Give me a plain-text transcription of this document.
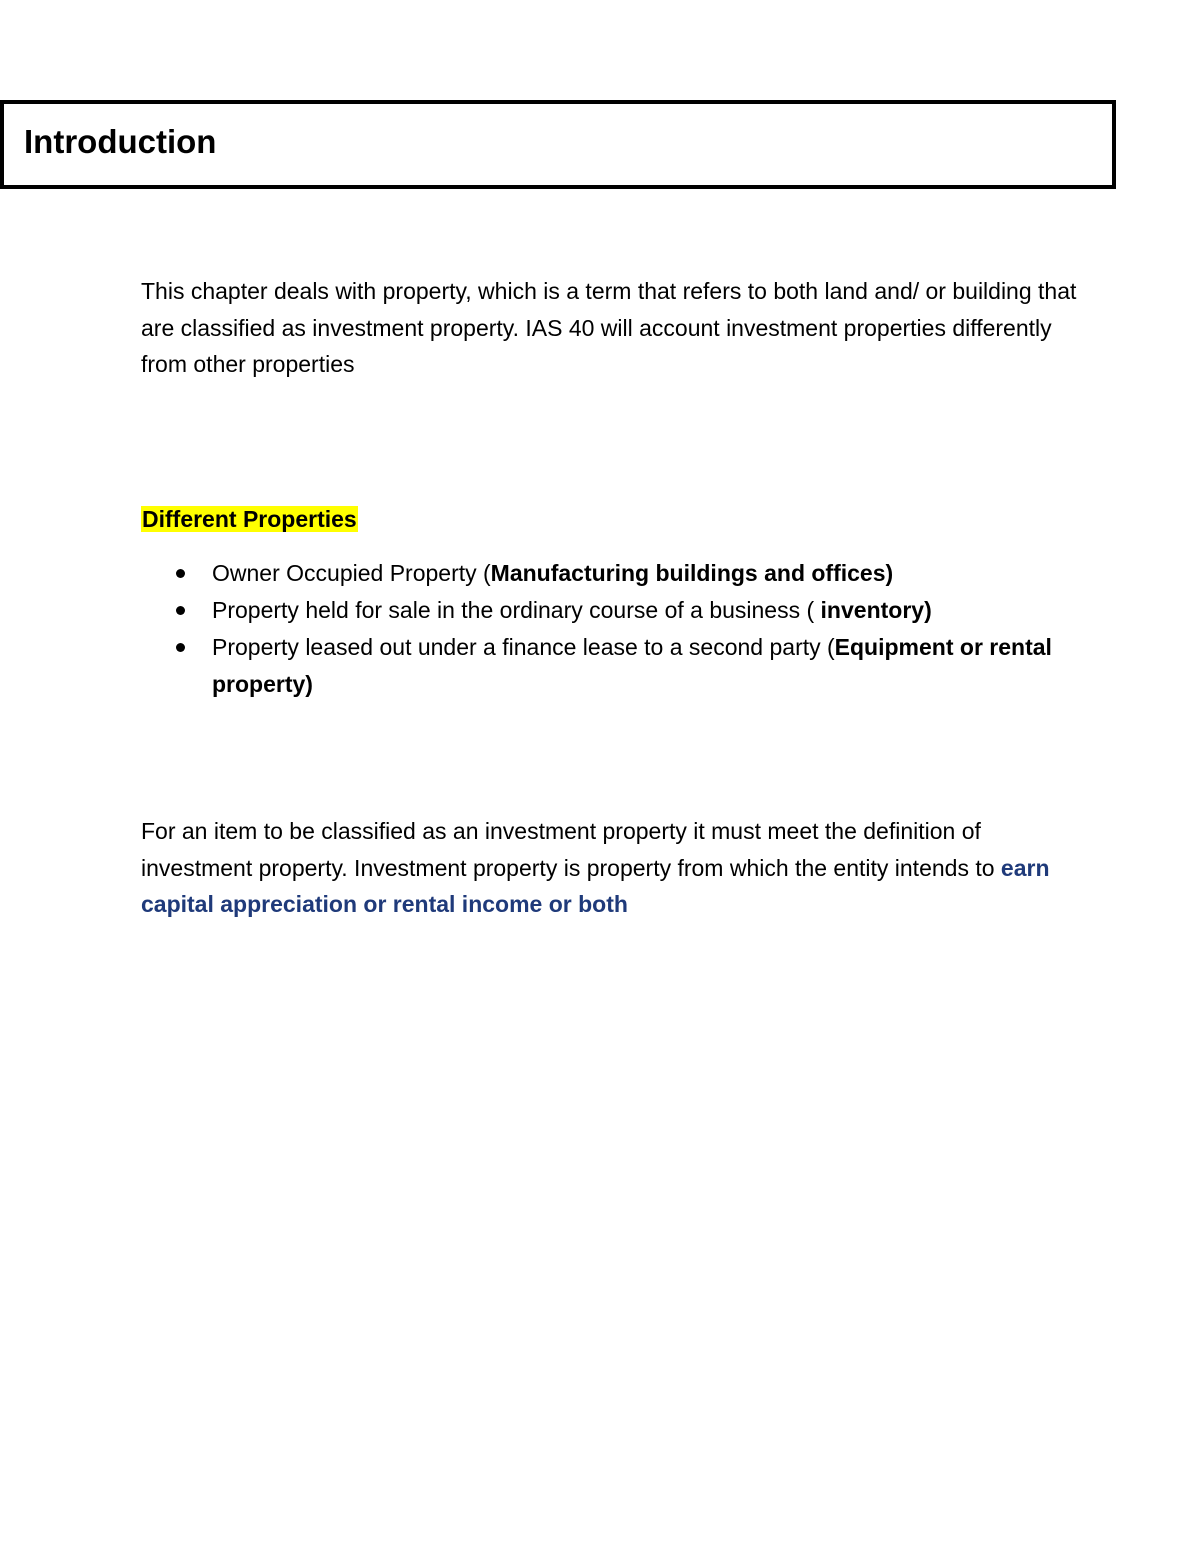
Introduction

This chapter deals with property, which is a term that refers to both land and/ or building that are classified as investment property. IAS 40 will account investment properties differently from other properties

Different Properties
Owner Occupied Property (Manufacturing buildings and offices)
Property held for sale in the ordinary course of a business ( inventory)
Property leased out under a finance lease to a second party (Equipment or rental property)

For an item to be classified as an investment property it must meet the definition of investment property. Investment property is property from which the entity intends to earn capital appreciation or rental income or both
